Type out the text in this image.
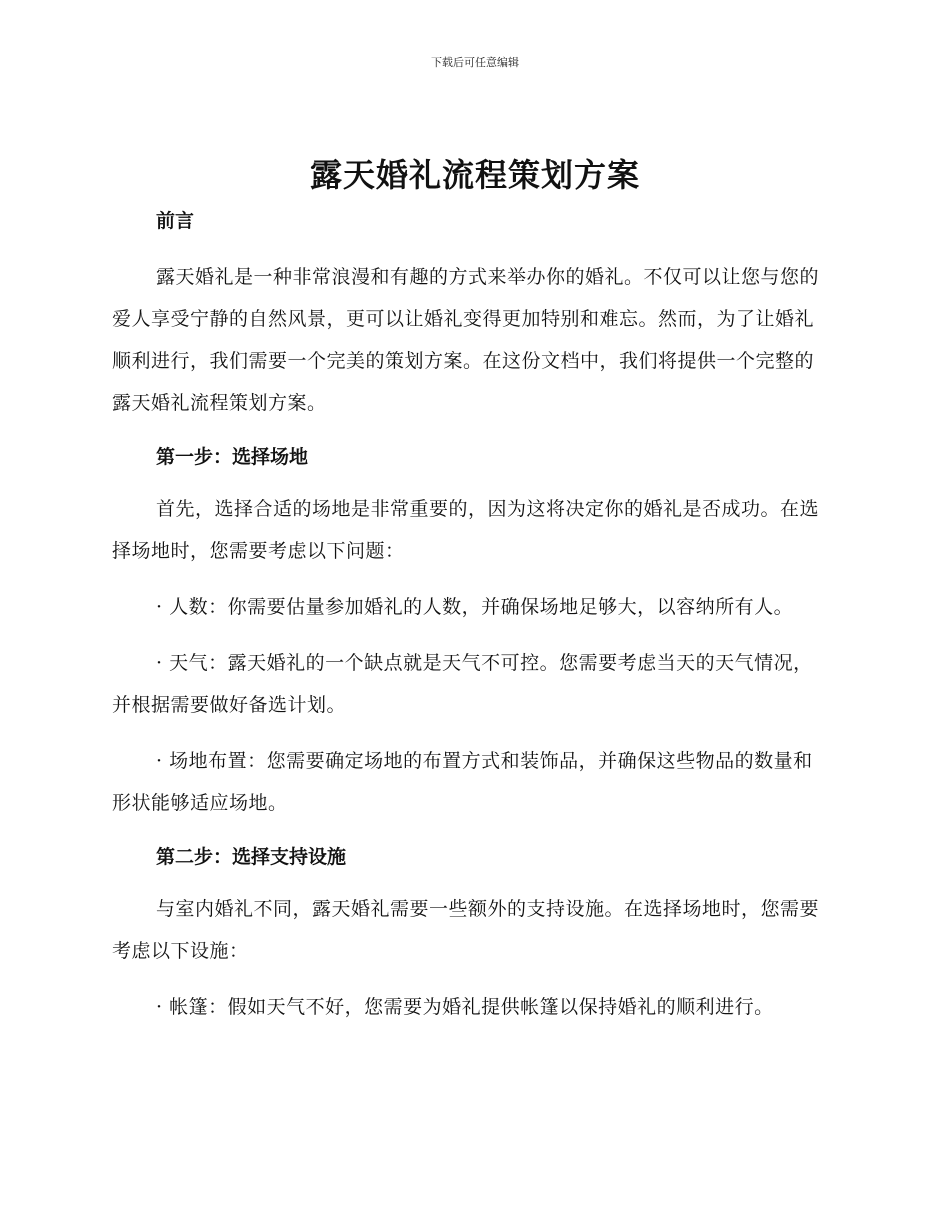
下载后可任意编辑
露天婚礼流程策划方案

前言

露天婚礼是一种非常浪漫和有趣的方式来举办你的婚礼。不仅可以让您与您的爱人享受宁静的自然风景，更可以让婚礼变得更加特别和难忘。然而，为了让婚礼顺利进行，我们需要一个完美的策划方案。在这份文档中，我们将提供一个完整的露天婚礼流程策划方案。

第一步：选择场地

首先，选择合适的场地是非常重要的，因为这将决定你的婚礼是否成功。在选择场地时，您需要考虑以下问题：

· 人数：你需要估量参加婚礼的人数，并确保场地足够大，以容纳所有人。

· 天气：露天婚礼的一个缺点就是天气不可控。您需要考虑当天的天气情况，并根据需要做好备选计划。

· 场地布置：您需要确定场地的布置方式和装饰品，并确保这些物品的数量和形状能够适应场地。

第二步：选择支持设施

与室内婚礼不同，露天婚礼需要一些额外的支持设施。在选择场地时，您需要考虑以下设施：

· 帐篷：假如天气不好，您需要为婚礼提供帐篷以保持婚礼的顺利进行。
